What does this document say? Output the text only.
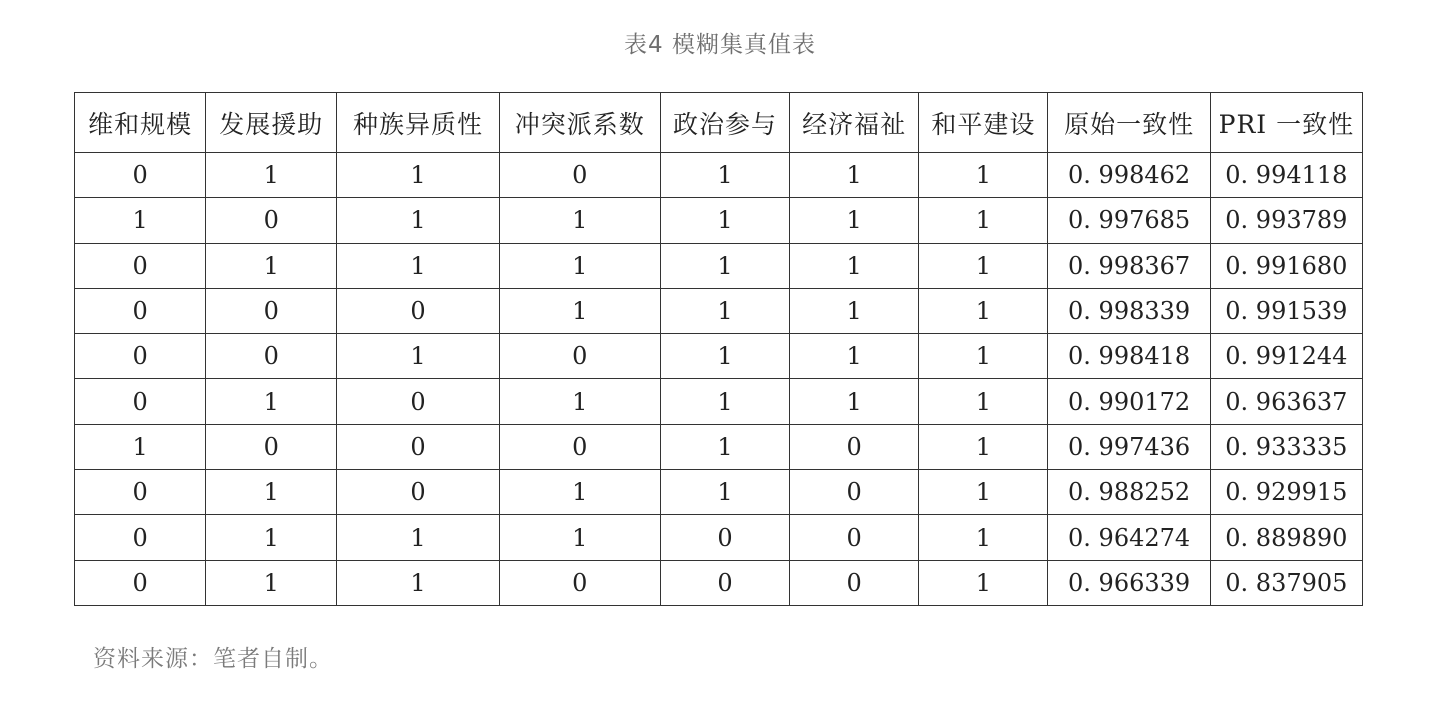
表4 模糊集真值表
维和规模	发展援助	种族异质性	冲突派系数	政治参与	经济福祉	和平建设	原始一致性	PRI 一致性
0	1	1	0	1	1	1	0. 998462	0. 994118
1	0	1	1	1	1	1	0. 997685	0. 993789
0	1	1	1	1	1	1	0. 998367	0. 991680
0	0	0	1	1	1	1	0. 998339	0. 991539
0	0	1	0	1	1	1	0. 998418	0. 991244
0	1	0	1	1	1	1	0. 990172	0. 963637
1	0	0	0	1	0	1	0. 997436	0. 933335
0	1	0	1	1	0	1	0. 988252	0. 929915
0	1	1	1	0	0	1	0. 964274	0. 889890
0	1	1	0	0	0	1	0. 966339	0. 837905
资料来源：笔者自制。
